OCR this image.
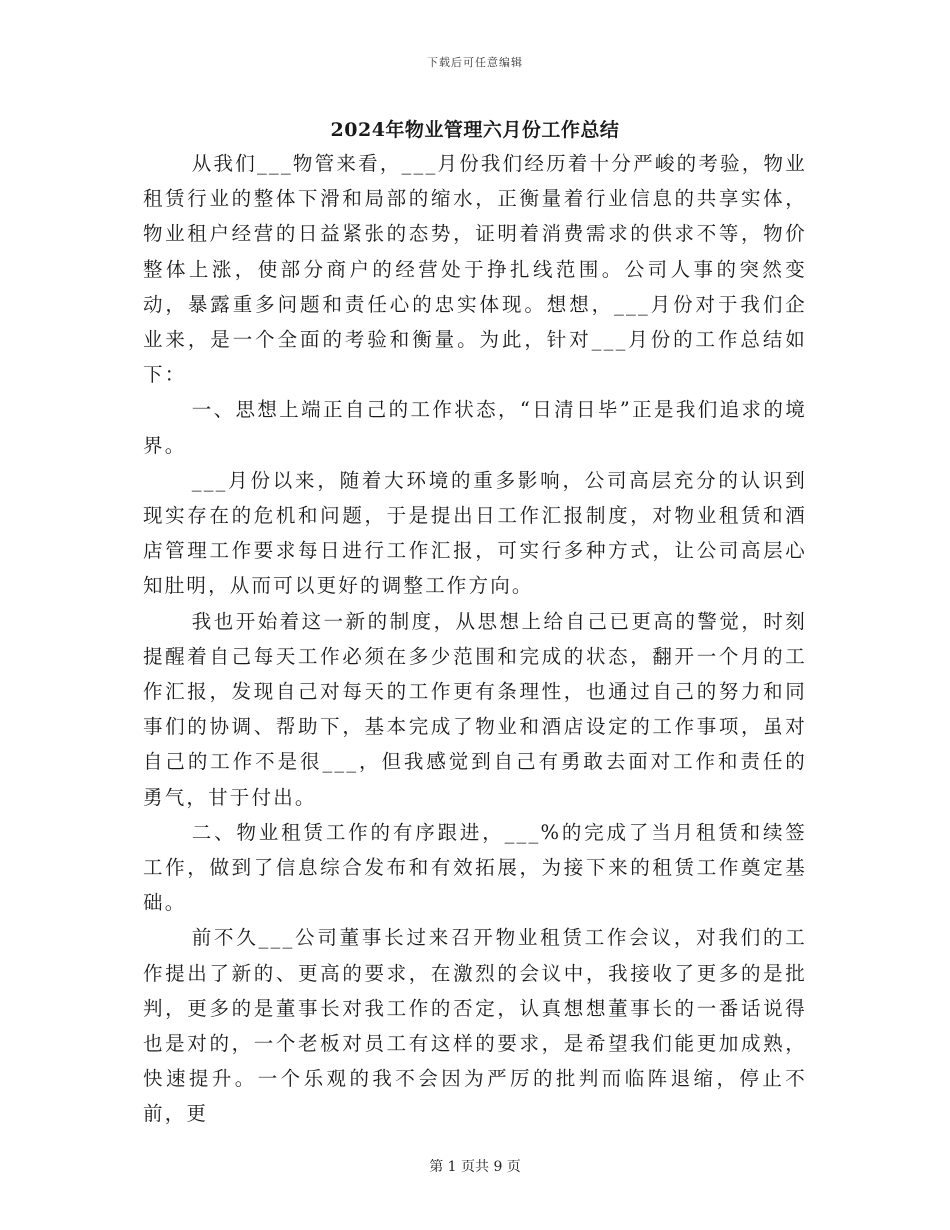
下载后可任意编辑
2024年物业管理六月份工作总结

从我们___物管来看，___月份我们经历着十分严峻的考验，物业租赁行业的整体下滑和局部的缩水，正衡量着行业信息的共享实体，物业租户经营的日益紧张的态势，证明着消费需求的供求不等，物价整体上涨，使部分商户的经营处于挣扎线范围。公司人事的突然变动，暴露重多问题和责任心的忠实体现。想想，___月份对于我们企业来，是一个全面的考验和衡量。为此，针对___月份的工作总结如下：

一、思想上端正自己的工作状态，“日清日毕”正是我们追求的境界。

___月份以来，随着大环境的重多影响，公司高层充分的认识到现实存在的危机和问题，于是提出日工作汇报制度，对物业租赁和酒店管理工作要求每日进行工作汇报，可实行多种方式，让公司高层心知肚明，从而可以更好的调整工作方向。

我也开始着这一新的制度，从思想上给自己已更高的警觉，时刻提醒着自己每天工作必须在多少范围和完成的状态，翻开一个月的工作汇报，发现自己对每天的工作更有条理性，也通过自己的努力和同事们的协调、帮助下，基本完成了物业和酒店设定的工作事项，虽对自己的工作不是很___，但我感觉到自己有勇敢去面对工作和责任的勇气，甘于付出。

二、物业租赁工作的有序跟进，___%的完成了当月租赁和续签工作，做到了信息综合发布和有效拓展，为接下来的租赁工作奠定基础。

前不久___公司董事长过来召开物业租赁工作会议，对我们的工作提出了新的、更高的要求，在激烈的会议中，我接收了更多的是批判，更多的是董事长对我工作的否定，认真想想董事长的一番话说得也是对的，一个老板对员工有这样的要求，是希望我们能更加成熟，快速提升。一个乐观的我不会因为严厉的批判而临阵退缩，停止不前，更

第 1 页共 9 页
